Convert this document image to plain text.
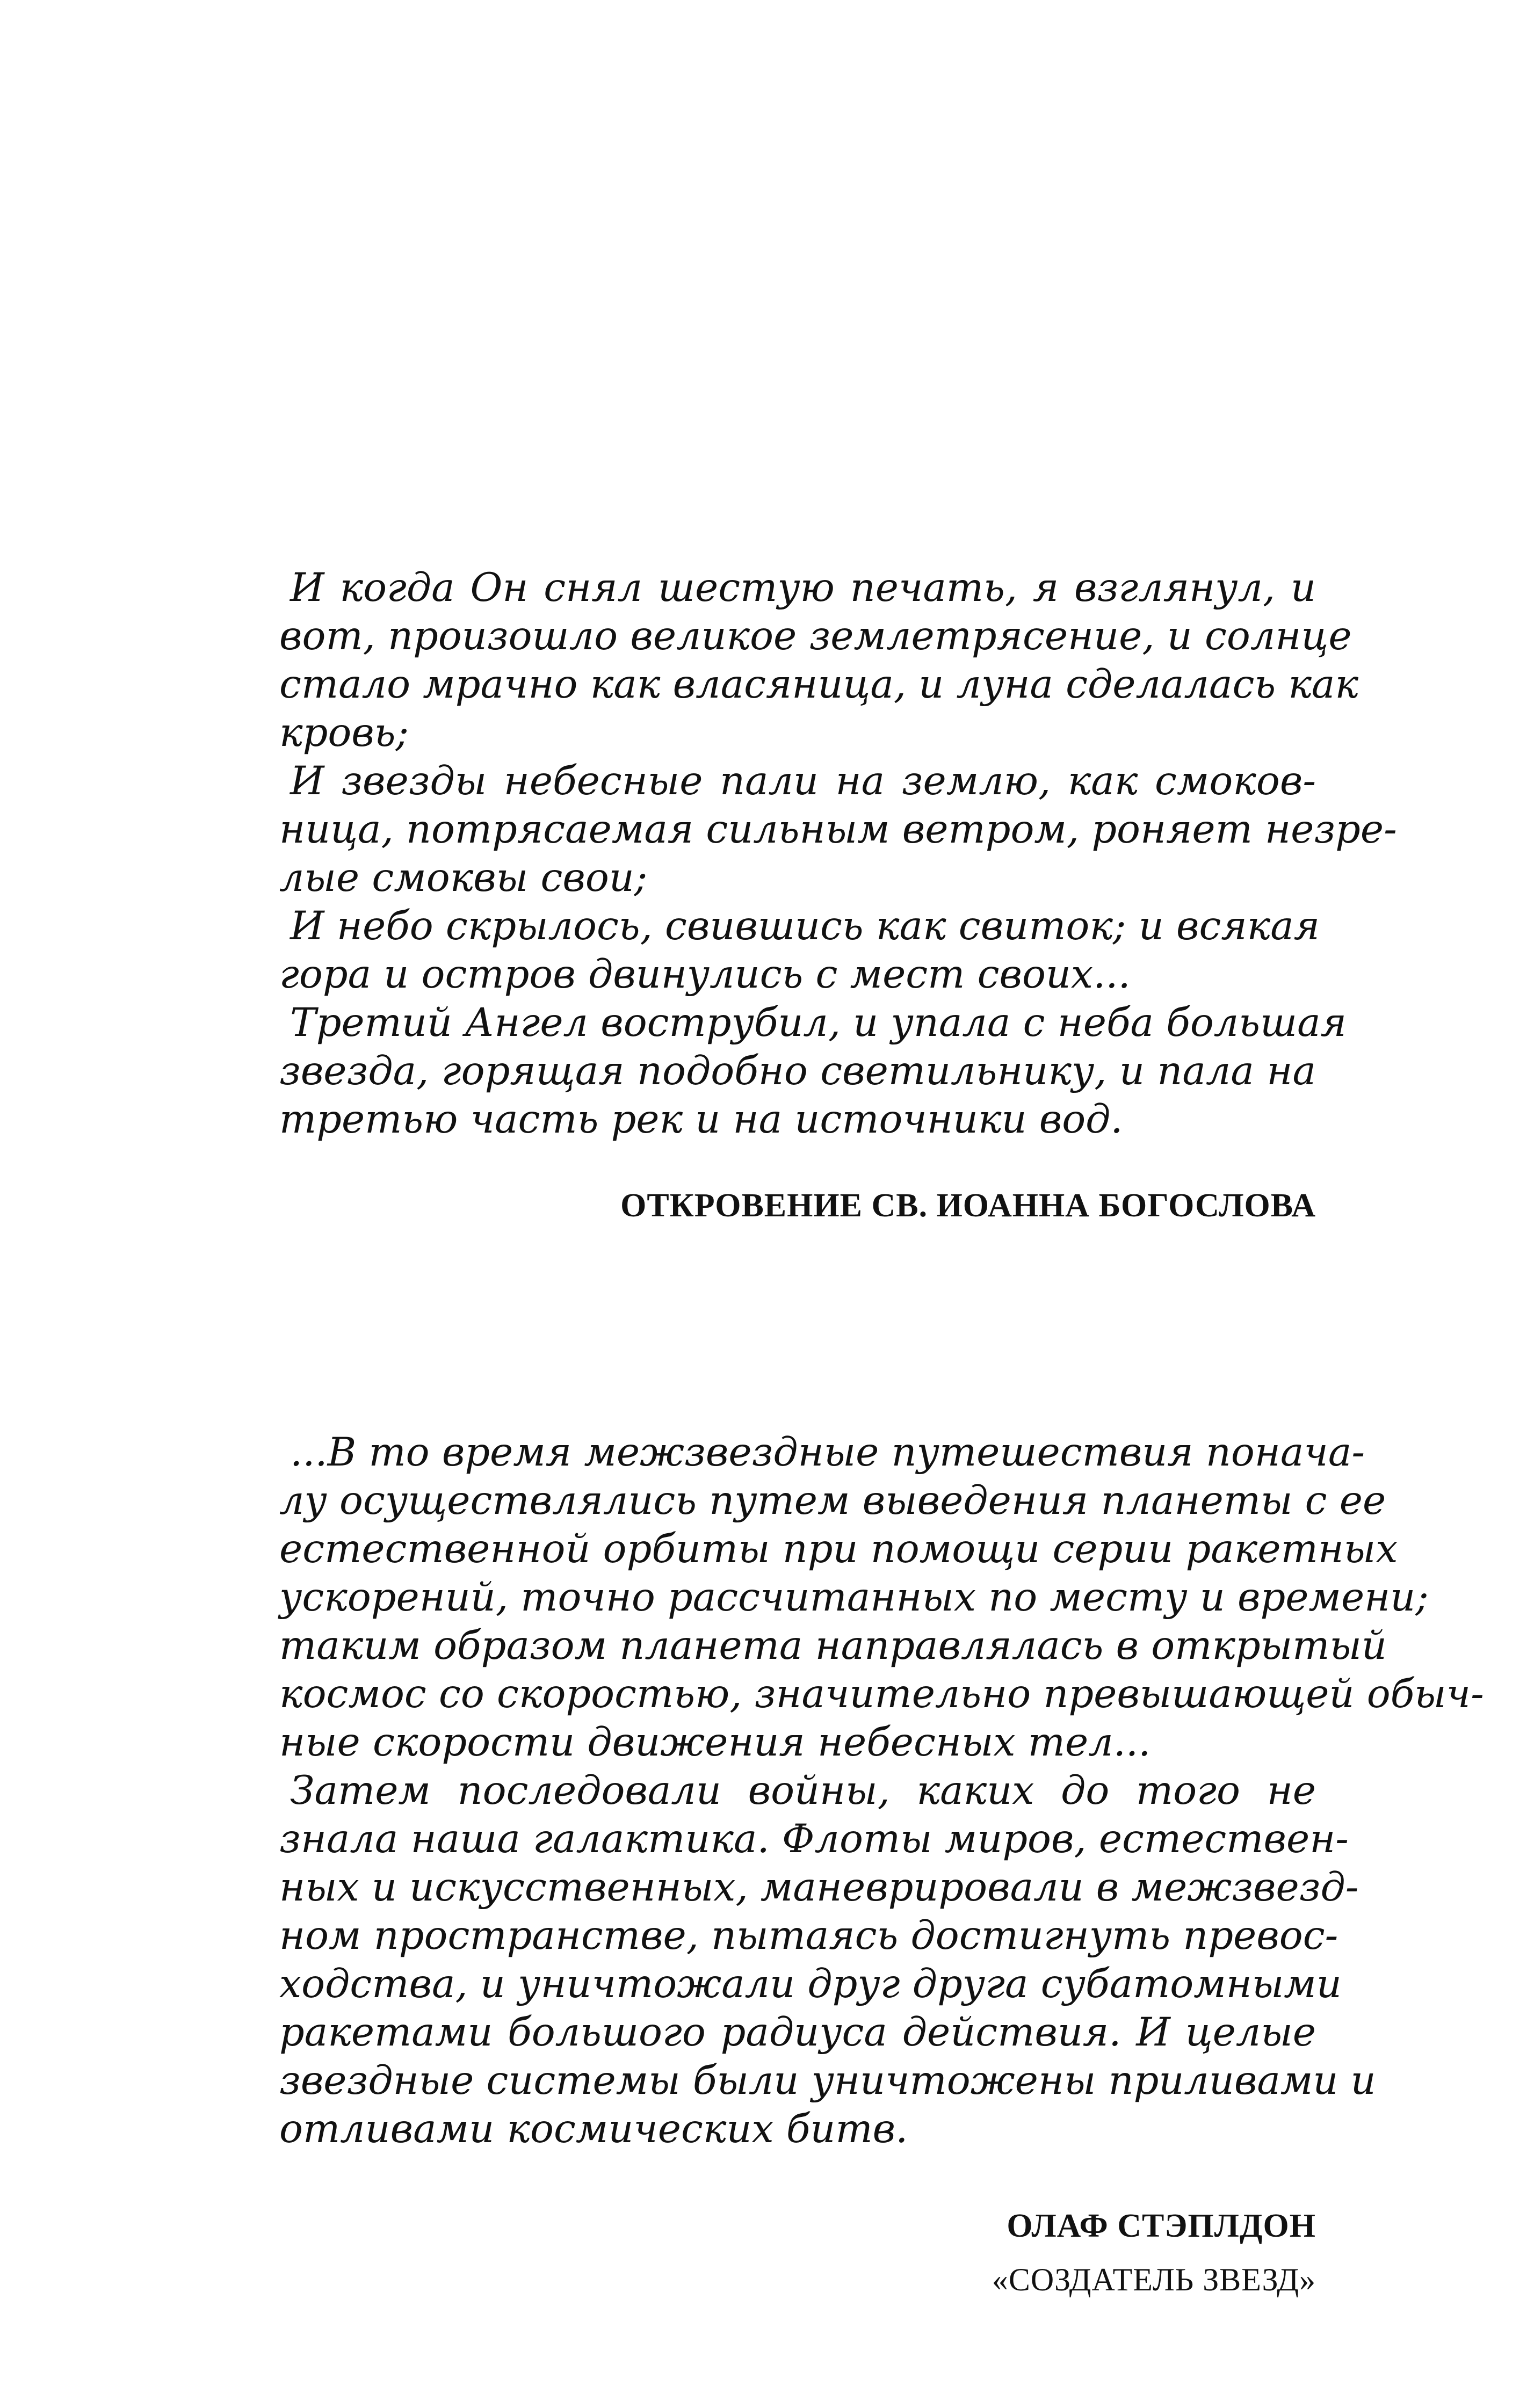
И когда Он снял шестую печать, я взглянул, и
вот, произошло великое землетрясение, и солнце
стало мрачно как власяница, и луна сделалась как
кровь;
И звезды небесные пали на землю, как смоков-
ница, потрясаемая сильным ветром, роняет незре-
лые смоквы свои;
И небо скрылось, свившись как свиток; и всякая
гора и остров двинулись с мест своих...
Третий Ангел вострубил, и упала с неба большая
звезда, горящая подобно светильнику, и пала на
третью часть рек и на источники вод.
ОТКРОВЕНИЕ СВ. ИОАННА БОГОСЛОВА
...В то время межзвездные путешествия понача-
лу осуществлялись путем выведения планеты с ее
естественной орбиты при помощи серии ракетных
ускорений, точно рассчитанных по месту и времени;
таким образом планета направлялась в открытый
космос со скоростью, значительно превышающей обыч-
ные скорости движения небесных тел...
Затем последовали войны, каких до того не
знала наша галактика. Флоты миров, естествен-
ных и искусственных, маневрировали в межзвезд-
ном пространстве, пытаясь достигнуть превос-
ходства, и уничтожали друг друга субатомными
ракетами большого радиуса действия. И целые
звездные системы были уничтожены приливами и
отливами космических битв.
ОЛАФ СТЭПЛДОН
«СОЗДАТЕЛЬ ЗВЕЗД»
